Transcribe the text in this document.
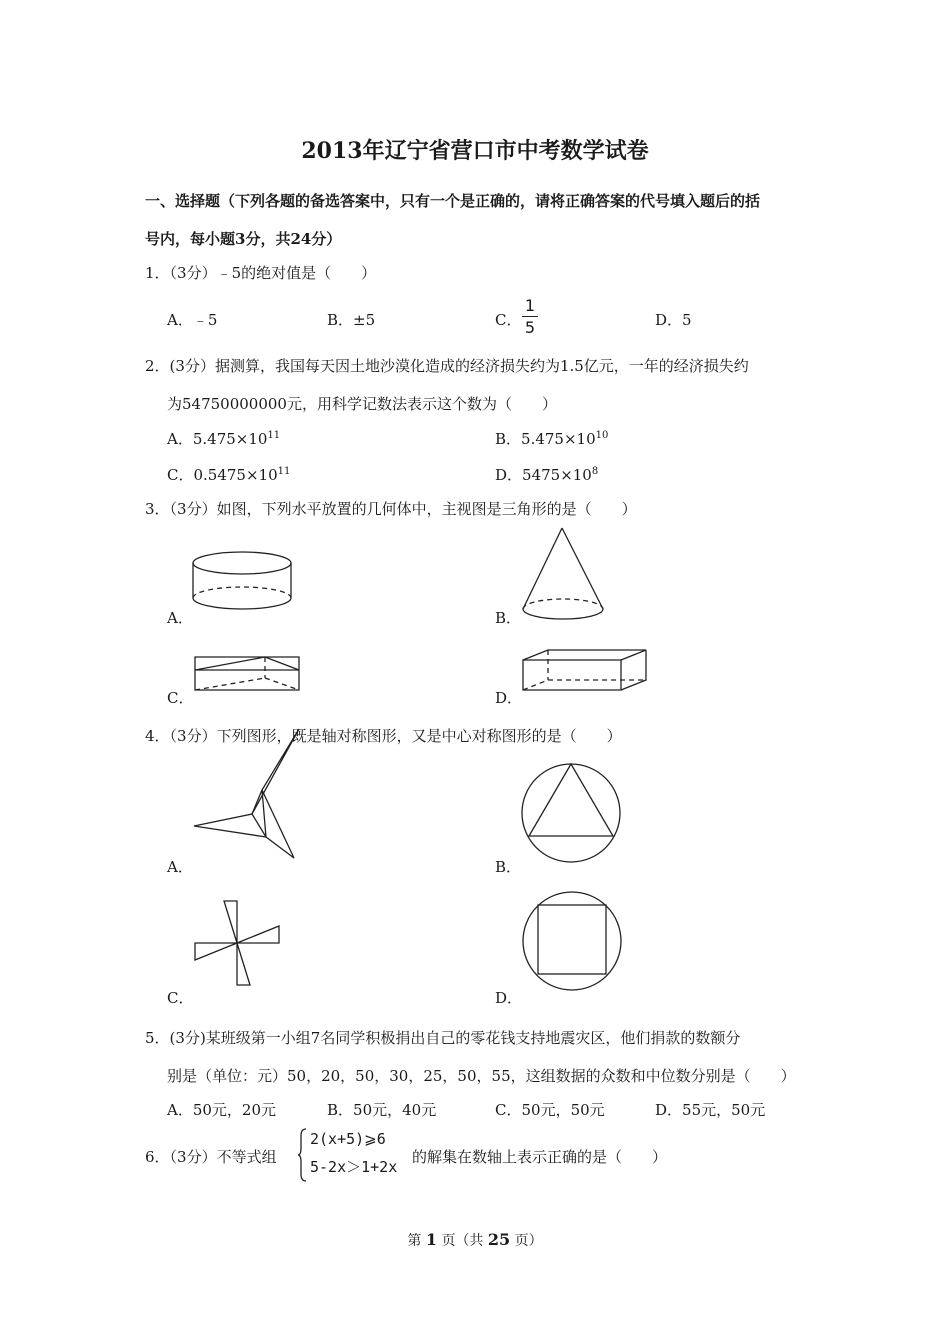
2013年辽宁省营口市中考数学试卷
一、选择题（下列各题的备选答案中，只有一个是正确的，请将正确答案的代号填入题后的括
号内，每小题3分，共24分）
1．（3分）﹣5的绝对值是（　　）
A．﹣5	B．±5	C．
1
5	D．5
2．(3分）据测算，我国每天因土地沙漠化造成的经济损失约为1.5亿元，一年的经济损失约
为54750000000元，用科学记数法表示这个数为（　　）
A．$5.475\times 10^{11}$	B．$5.475\times 10^{10}$
C．$0.5475\times 10^{11}$	D．$5475\times 10^8$
3．（3分）如图，下列水平放置的几何体中，主视图是三角形的是（　　）
A．	B．
C．	D．
4．（3分）下列图形，既是轴对称图形，又是中心对称图形的是（　　）
A．	B．
C．	D．
5．(3分)某班级第一小组7名同学积极捐出自己的零花钱支持地震灾区，他们捐款的数额分
别是（单位：元）50，20，50，30，25，50，55，这组数据的众数和中位数分别是（　　）
A．50元，20元	B．50元，40元	C．50元，50元	D．55元，50元
6．（3分）不等式组
2(x+5)⩾6
5-2x＞1+2x
的解集在数轴上表示正确的是（　　）
第 1 页（共 25 页）
